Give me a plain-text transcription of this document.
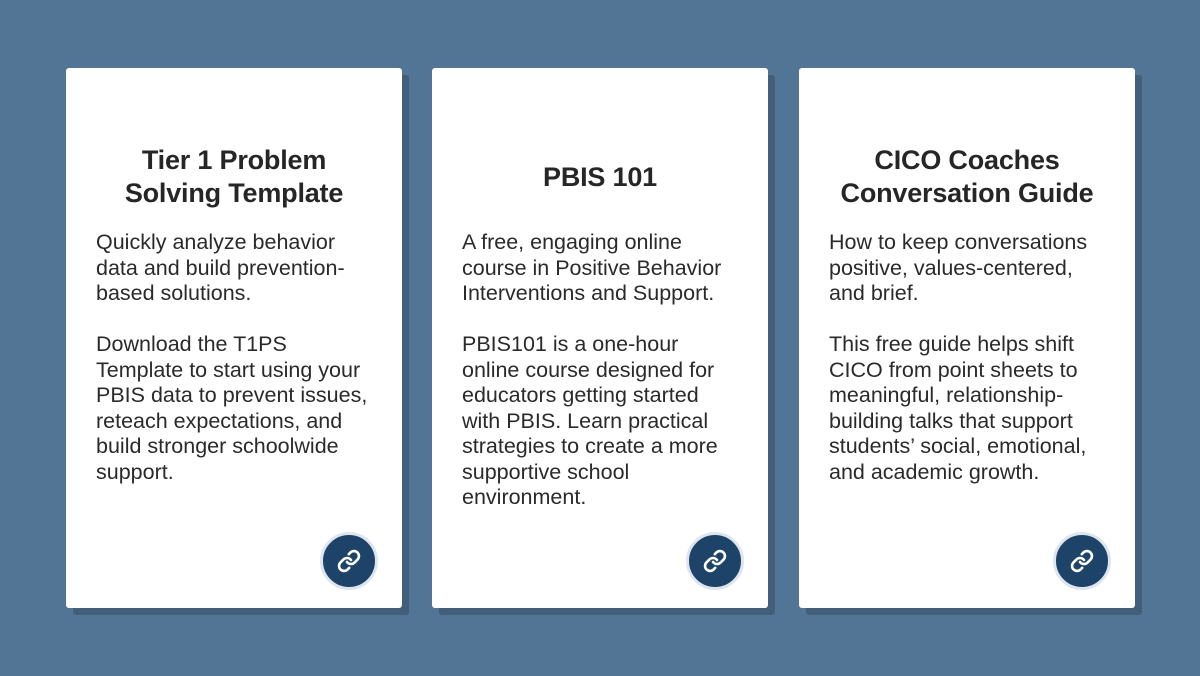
Tier 1 Problem Solving Template

Quickly analyze behavior data and build prevention-based solutions.

Download the T1PS Template to start using your PBIS data to prevent issues, reteach expectations, and build stronger schoolwide support.

PBIS 101

A free, engaging online course in Positive Behavior Interventions and Support.

PBIS101 is a one-hour online course designed for educators getting started with PBIS. Learn practical strategies to create a more supportive school environment.

CICO Coaches Conversation Guide

How to keep conversations positive, values-centered, and brief.

This free guide helps shift CICO from point sheets to meaningful, relationship-building talks that support students’ social, emotional, and academic growth.
